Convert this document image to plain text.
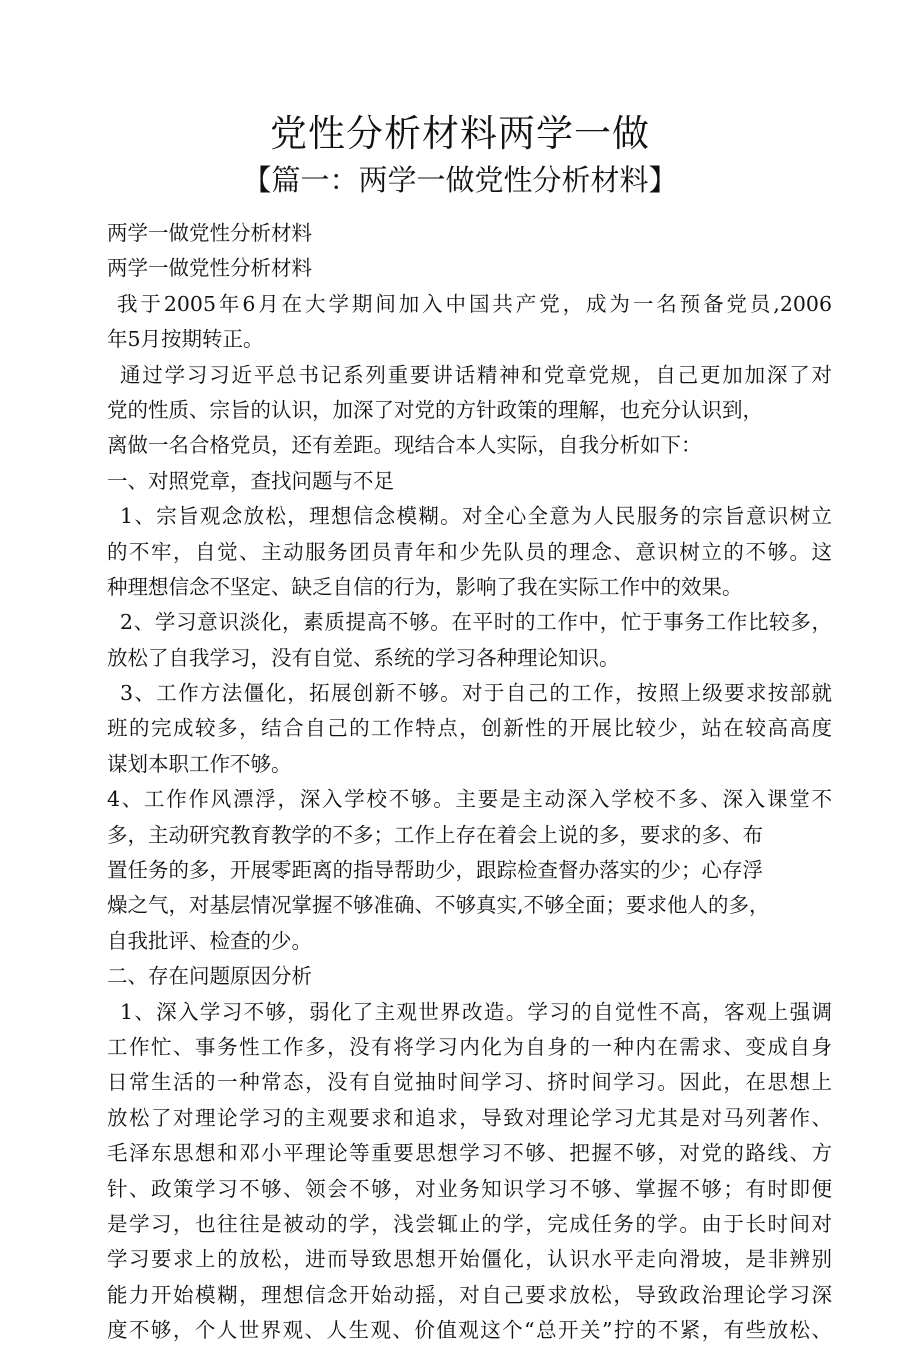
党性分析材料两学一做
【篇一：两学一做党性分析材料】
两学一做党性分析材料
两学一做党性分析材料
我于2005年6月在大学期间加入中国共产党，成为一名预备党员,2006
年5月按期转正。
通过学习习近平总书记系列重要讲话精神和党章党规，自己更加加深了对
党的性质、宗旨的认识，加深了对党的方针政策的理解，也充分认识到，
离做一名合格党员，还有差距。现结合本人实际，自我分析如下：
一、对照党章，查找问题与不足
1、宗旨观念放松，理想信念模糊。对全心全意为人民服务的宗旨意识树立
的不牢，自觉、主动服务团员青年和少先队员的理念、意识树立的不够。这
种理想信念不坚定、缺乏自信的行为，影响了我在实际工作中的效果。
2、学习意识淡化，素质提高不够。在平时的工作中，忙于事务工作比较多，
放松了自我学习，没有自觉、系统的学习各种理论知识。
3、工作方法僵化，拓展创新不够。对于自己的工作，按照上级要求按部就
班的完成较多，结合自己的工作特点，创新性的开展比较少，站在较高高度
谋划本职工作不够。
4、工作作风漂浮，深入学校不够。主要是主动深入学校不多、深入课堂不
多，主动研究教育教学的不多；工作上存在着会上说的多，要求的多、布
置任务的多，开展零距离的指导帮助少，跟踪检查督办落实的少；心存浮
燥之气，对基层情况掌握不够准确、不够真实,不够全面；要求他人的多，
自我批评、检查的少。
二、存在问题原因分析
1、深入学习不够，弱化了主观世界改造。学习的自觉性不高，客观上强调
工作忙、事务性工作多，没有将学习内化为自身的一种内在需求、变成自身
日常生活的一种常态，没有自觉抽时间学习、挤时间学习。因此，在思想上
放松了对理论学习的主观要求和追求，导致对理论学习尤其是对马列著作、
毛泽东思想和邓小平理论等重要思想学习不够、把握不够，对党的路线、方
针、政策学习不够、领会不够，对业务知识学习不够、掌握不够；有时即便
是学习，也往往是被动的学，浅尝辄止的学，完成任务的学。由于长时间对
学习要求上的放松，进而导致思想开始僵化，认识水平走向滑坡，是非辨别
能力开始模糊，理想信念开始动摇，对自己要求放松，导致政治理论学习深
度不够，个人世界观、人生观、价值观这个“总开关”拧的不紧，有些放松、
